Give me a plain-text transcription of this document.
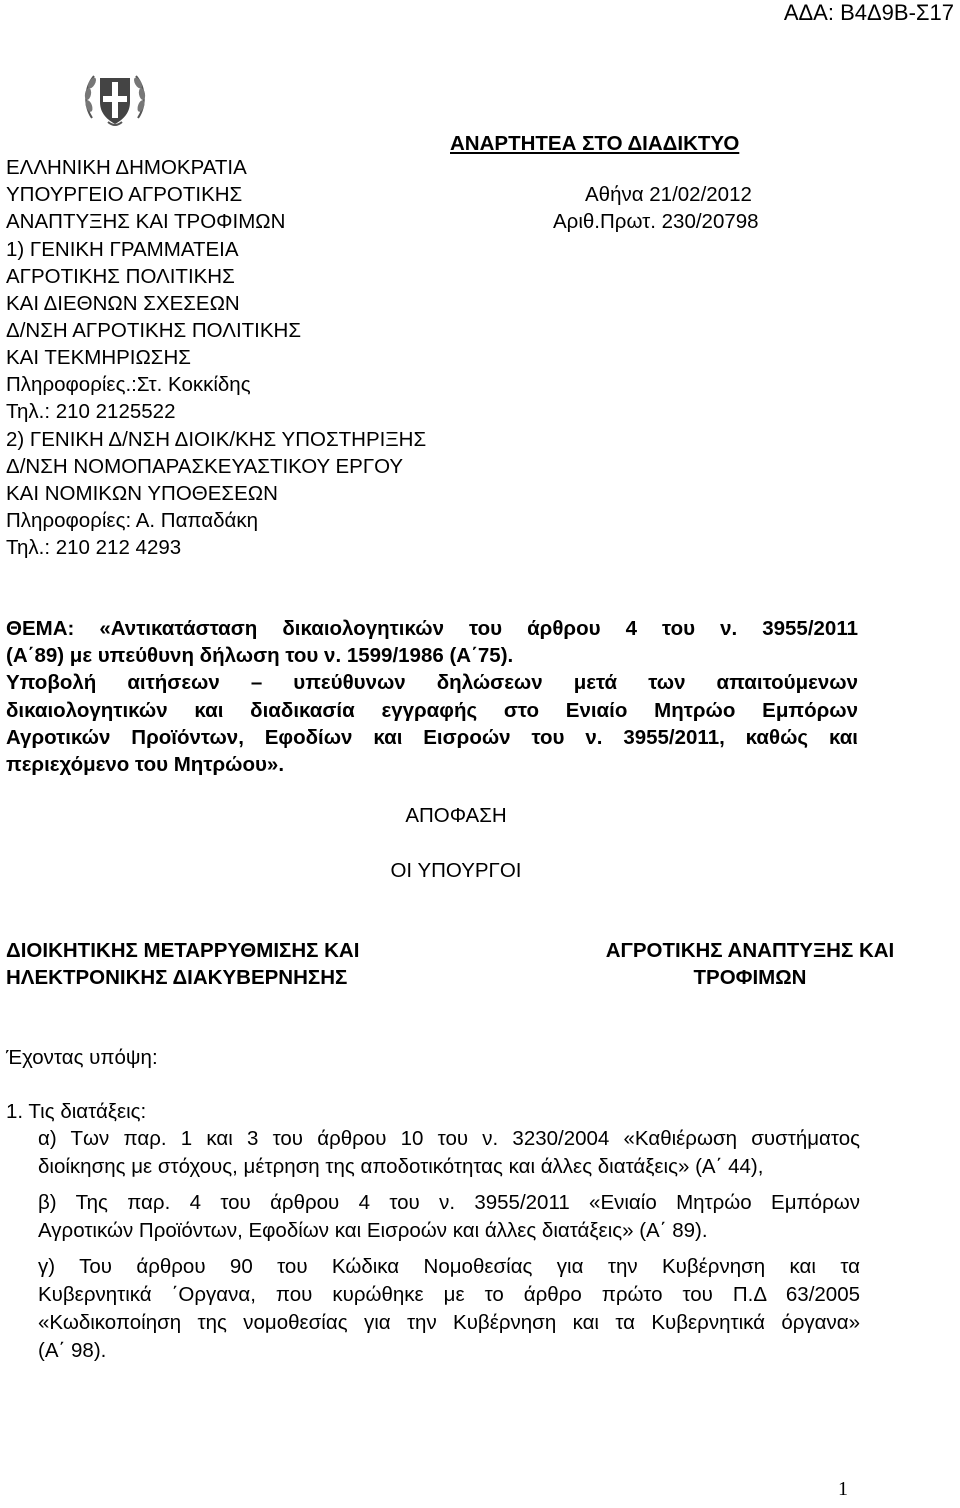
ΑΔΑ: Β4Δ9Β-Σ17
ΑΝΑΡΤΗΤΕΑ ΣΤΟ ΔΙΑΔΙΚΤΥΟ
ΕΛΛΗΝΙΚΗ ΔΗΜΟΚΡΑΤΙΑ
ΥΠΟΥΡΓΕΙΟ ΑΓΡΟΤΙΚΗΣ
ΑΝΑΠΤΥΞΗΣ ΚΑΙ ΤΡΟΦΙΜΩΝ
1) ΓΕΝΙΚΗ ΓΡΑΜΜΑΤΕΙΑ
ΑΓΡΟΤΙΚΗΣ ΠΟΛΙΤΙΚΗΣ
ΚΑΙ ΔΙΕΘΝΩΝ ΣΧΕΣΕΩΝ
Δ/ΝΣΗ ΑΓΡΟΤΙΚΗΣ ΠΟΛΙΤΙΚΗΣ
ΚΑΙ ΤΕΚΜΗΡΙΩΣΗΣ
Πληροφορίες.:Στ. Κοκκίδης
Τηλ.: 210 2125522
2) ΓΕΝΙΚΗ Δ/ΝΣΗ ΔΙΟΙΚ/ΚΗΣ ΥΠΟΣΤΗΡΙΞΗΣ
Δ/ΝΣΗ ΝΟΜΟΠΑΡΑΣΚΕΥΑΣΤΙΚΟΥ ΕΡΓΟΥ
ΚΑΙ ΝΟΜΙΚΩΝ ΥΠΟΘΕΣΕΩΝ
Πληροφορίες: Α. Παπαδάκη
Τηλ.: 210 212 4293
Αθήνα 21/02/2012
Αριθ.Πρωτ. 230/20798
ΘΕΜΑ: «Αντικατάσταση δικαιολογητικών του άρθρου 4 του ν. 3955/2011
(Α΄89) με υπεύθυνη δήλωση του ν. 1599/1986 (Α΄75).
Υποβολή αιτήσεων – υπεύθυνων δηλώσεων μετά των απαιτούμενων
δικαιολογητικών και διαδικασία εγγραφής στο Ενιαίο Μητρώο Εμπόρων
Αγροτικών Προϊόντων, Εφοδίων και Εισροών του ν. 3955/2011, καθώς και
περιεχόμενο του Μητρώου».
ΑΠΟΦΑΣΗ
ΟΙ ΥΠΟΥΡΓΟΙ
ΔΙΟΙΚΗΤΙΚΗΣ ΜΕΤΑΡΡΥΘΜΙΣΗΣ ΚΑΙ
ΗΛΕΚΤΡΟΝΙΚΗΣ ΔΙΑΚΥΒΕΡΝΗΣΗΣ
ΑΓΡΟΤΙΚΗΣ ΑΝΑΠΤΥΞΗΣ ΚΑΙ
ΤΡΟΦΙΜΩΝ
Έχοντας υπόψη:
1. Τις διατάξεις:
α) Των παρ. 1 και 3 του άρθρου 10 του ν. 3230/2004 «Καθιέρωση συστήματος
διοίκησης με στόχους, μέτρηση της αποδοτικότητας και άλλες διατάξεις» (Α΄ 44),
β) Της παρ. 4 του άρθρου 4 του ν. 3955/2011 «Ενιαίο Μητρώο Εμπόρων
Αγροτικών Προϊόντων, Εφοδίων και Εισροών και άλλες διατάξεις» (Α΄ 89).
γ) Του άρθρου 90 του Κώδικα Νομοθεσίας για την Κυβέρνηση και τα
Κυβερνητικά ΄Οργανα, που κυρώθηκε με το άρθρο πρώτο του Π.Δ 63/2005
«Κωδικοποίηση της νομοθεσίας για την Κυβέρνηση και τα Κυβερνητικά όργανα»
(Α΄ 98).
1
